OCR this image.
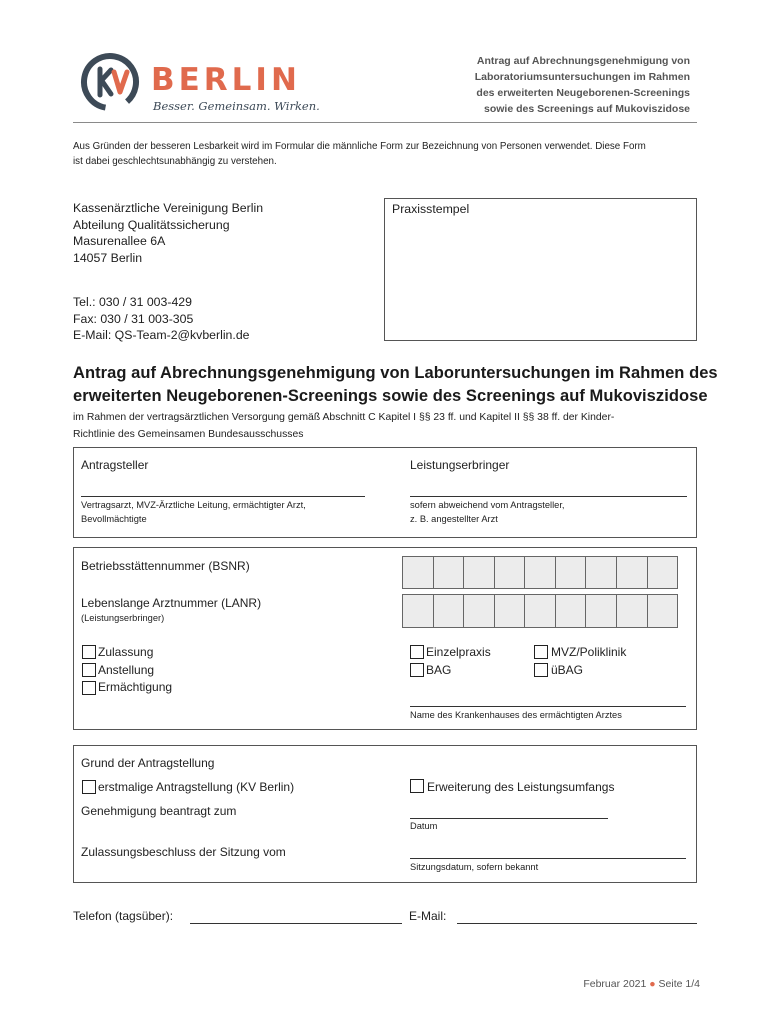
BERLIN
Besser. Gemeinsam. Wirken.
Antrag auf Abrechnungsgenehmigung von
Laboratoriumsuntersuchungen im Rahmen
des erweiterten Neugeborenen-Screenings
sowie des Screenings auf Mukoviszidose
Aus Gründen der besseren Lesbarkeit wird im Formular die männliche Form zur Bezeichnung von Personen verwendet. Diese Form
ist dabei geschlechtsunabhängig zu verstehen.
Kassenärztliche Vereinigung Berlin
Abteilung Qualitätssicherung
Masurenallee 6A
14057 Berlin
Tel.: 030 / 31 003-429
Fax: 030 / 31 003-305
E-Mail: QS-Team-2@kvberlin.de
Praxisstempel
Antrag auf Abrechnungsgenehmigung von Laboruntersuchungen im Rahmen des
erweiterten Neugeborenen-Screenings sowie des Screenings auf Mukoviszidose
im Rahmen der vertragsärztlichen Versorgung gemäß Abschnitt C Kapitel I §§ 23 ff. und Kapitel II §§ 38 ff. der Kinder-
Richtlinie des Gemeinsamen Bundesausschusses
Antragsteller
Vertragsarzt, MVZ-Ärztliche Leitung, ermächtigter Arzt,
Bevollmächtigte
Leistungserbringer
sofern abweichend vom Antragsteller,
z. B. angestellter Arzt
Betriebsstättennummer (BSNR)
Lebenslange Arztnummer (LANR)
(Leistungserbringer)
Zulassung
Anstellung
Ermächtigung
Einzelpraxis
BAG
MVZ/Poliklinik
üBAG
Name des Krankenhauses des ermächtigten Arztes
Grund der Antragstellung
erstmalige Antragstellung (KV Berlin)	Erweiterung des Leistungsumfangs
Genehmigung beantragt zum
Datum
Zulassungsbeschluss der Sitzung vom
Sitzungsdatum, sofern bekannt
Telefon (tagsüber):	E-Mail:
Februar 2021 ● Seite 1/4
